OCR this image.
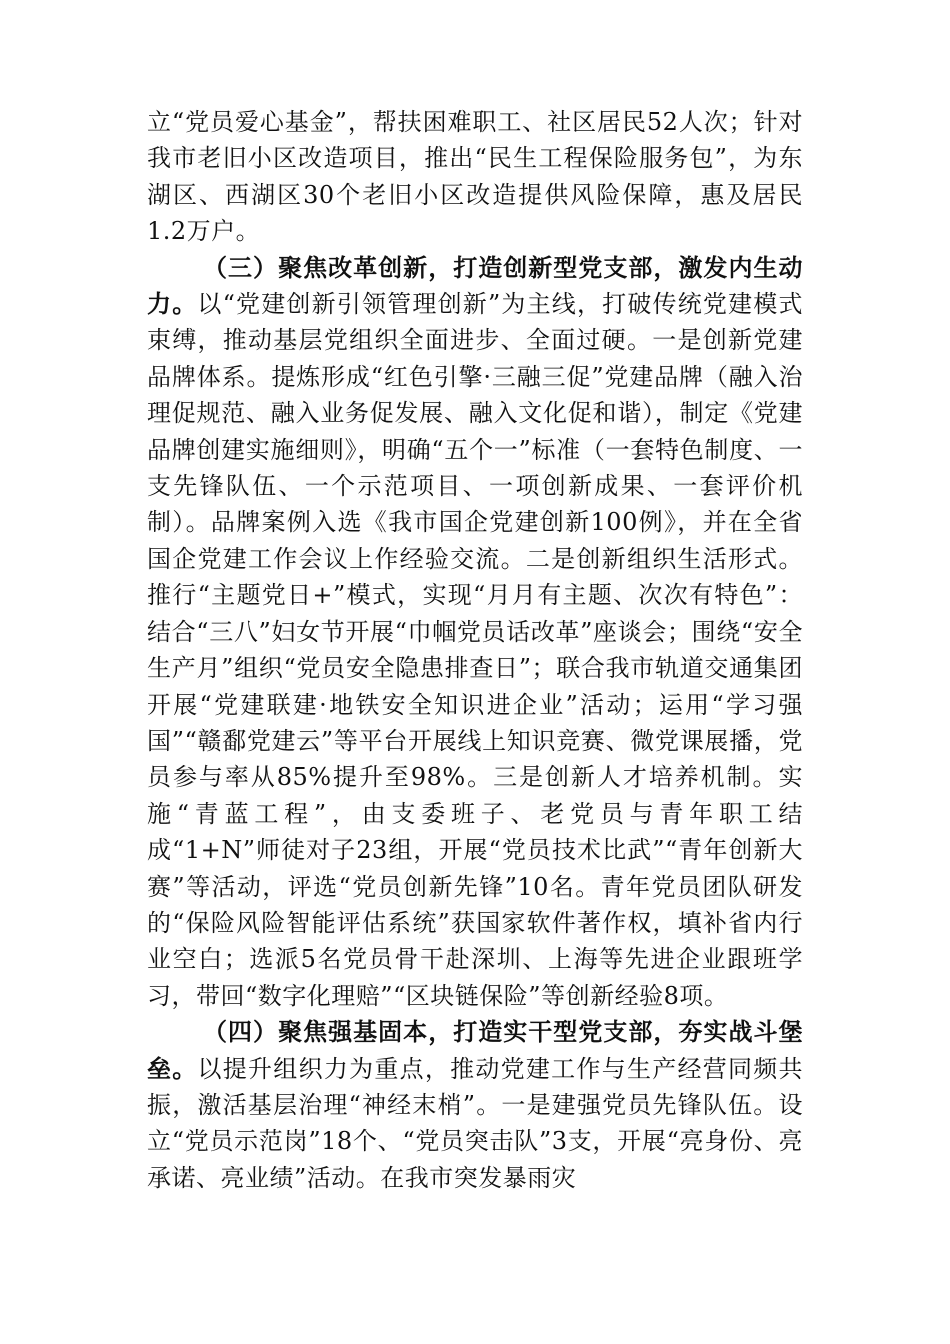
立“党员爱心基金”，帮扶困难职工、社区居民52人次；针对我市老旧小区改造项目，推出“民生工程保险服务包”，为东湖区、西湖区30个老旧小区改造提供风险保障，惠及居民1.2万户。

（三）聚焦改革创新，打造创新型党支部，激发内生动力。以“党建创新引领管理创新”为主线，打破传统党建模式束缚，推动基层党组织全面进步、全面过硬。一是创新党建品牌体系。提炼形成“红色引擎·三融三促”党建品牌（融入治理促规范、融入业务促发展、融入文化促和谐），制定《党建品牌创建实施细则》，明确“五个一”标准（一套特色制度、一支先锋队伍、一个示范项目、一项创新成果、一套评价机制）。品牌案例入选《我市国企党建创新100例》，并在全省国企党建工作会议上作经验交流。二是创新组织生活形式。推行“主题党日+”模式，实现“月月有主题、次次有特色”：结合“三八”妇女节开展“巾帼党员话改革”座谈会；围绕“安全生产月”组织“党员安全隐患排查日”；联合我市轨道交通集团开展“党建联建·地铁安全知识进企业”活动；运用“学习强国”“赣鄱党建云”等平台开展线上知识竞赛、微党课展播，党员参与率从85%提升至98%。三是创新人才培养机制。实施“青蓝工程”，由支委班子、老党员与青年职工结成“1+N”师徒对子23组，开展“党员技术比武”“青年创新大赛”等活动，评选“党员创新先锋”10名。青年党员团队研发的“保险风险智能评估系统”获国家软件著作权，填补省内行业空白；选派5名党员骨干赴深圳、上海等先进企业跟班学习，带回“数字化理赔”“区块链保险”等创新经验8项。

（四）聚焦强基固本，打造实干型党支部，夯实战斗堡垒。以提升组织力为重点，推动党建工作与生产经营同频共振，激活基层治理“神经末梢”。一是建强党员先锋队伍。设立“党员示范岗”18个、“党员突击队”3支，开展“亮身份、亮承诺、亮业绩”活动。在我市突发暴雨灾
